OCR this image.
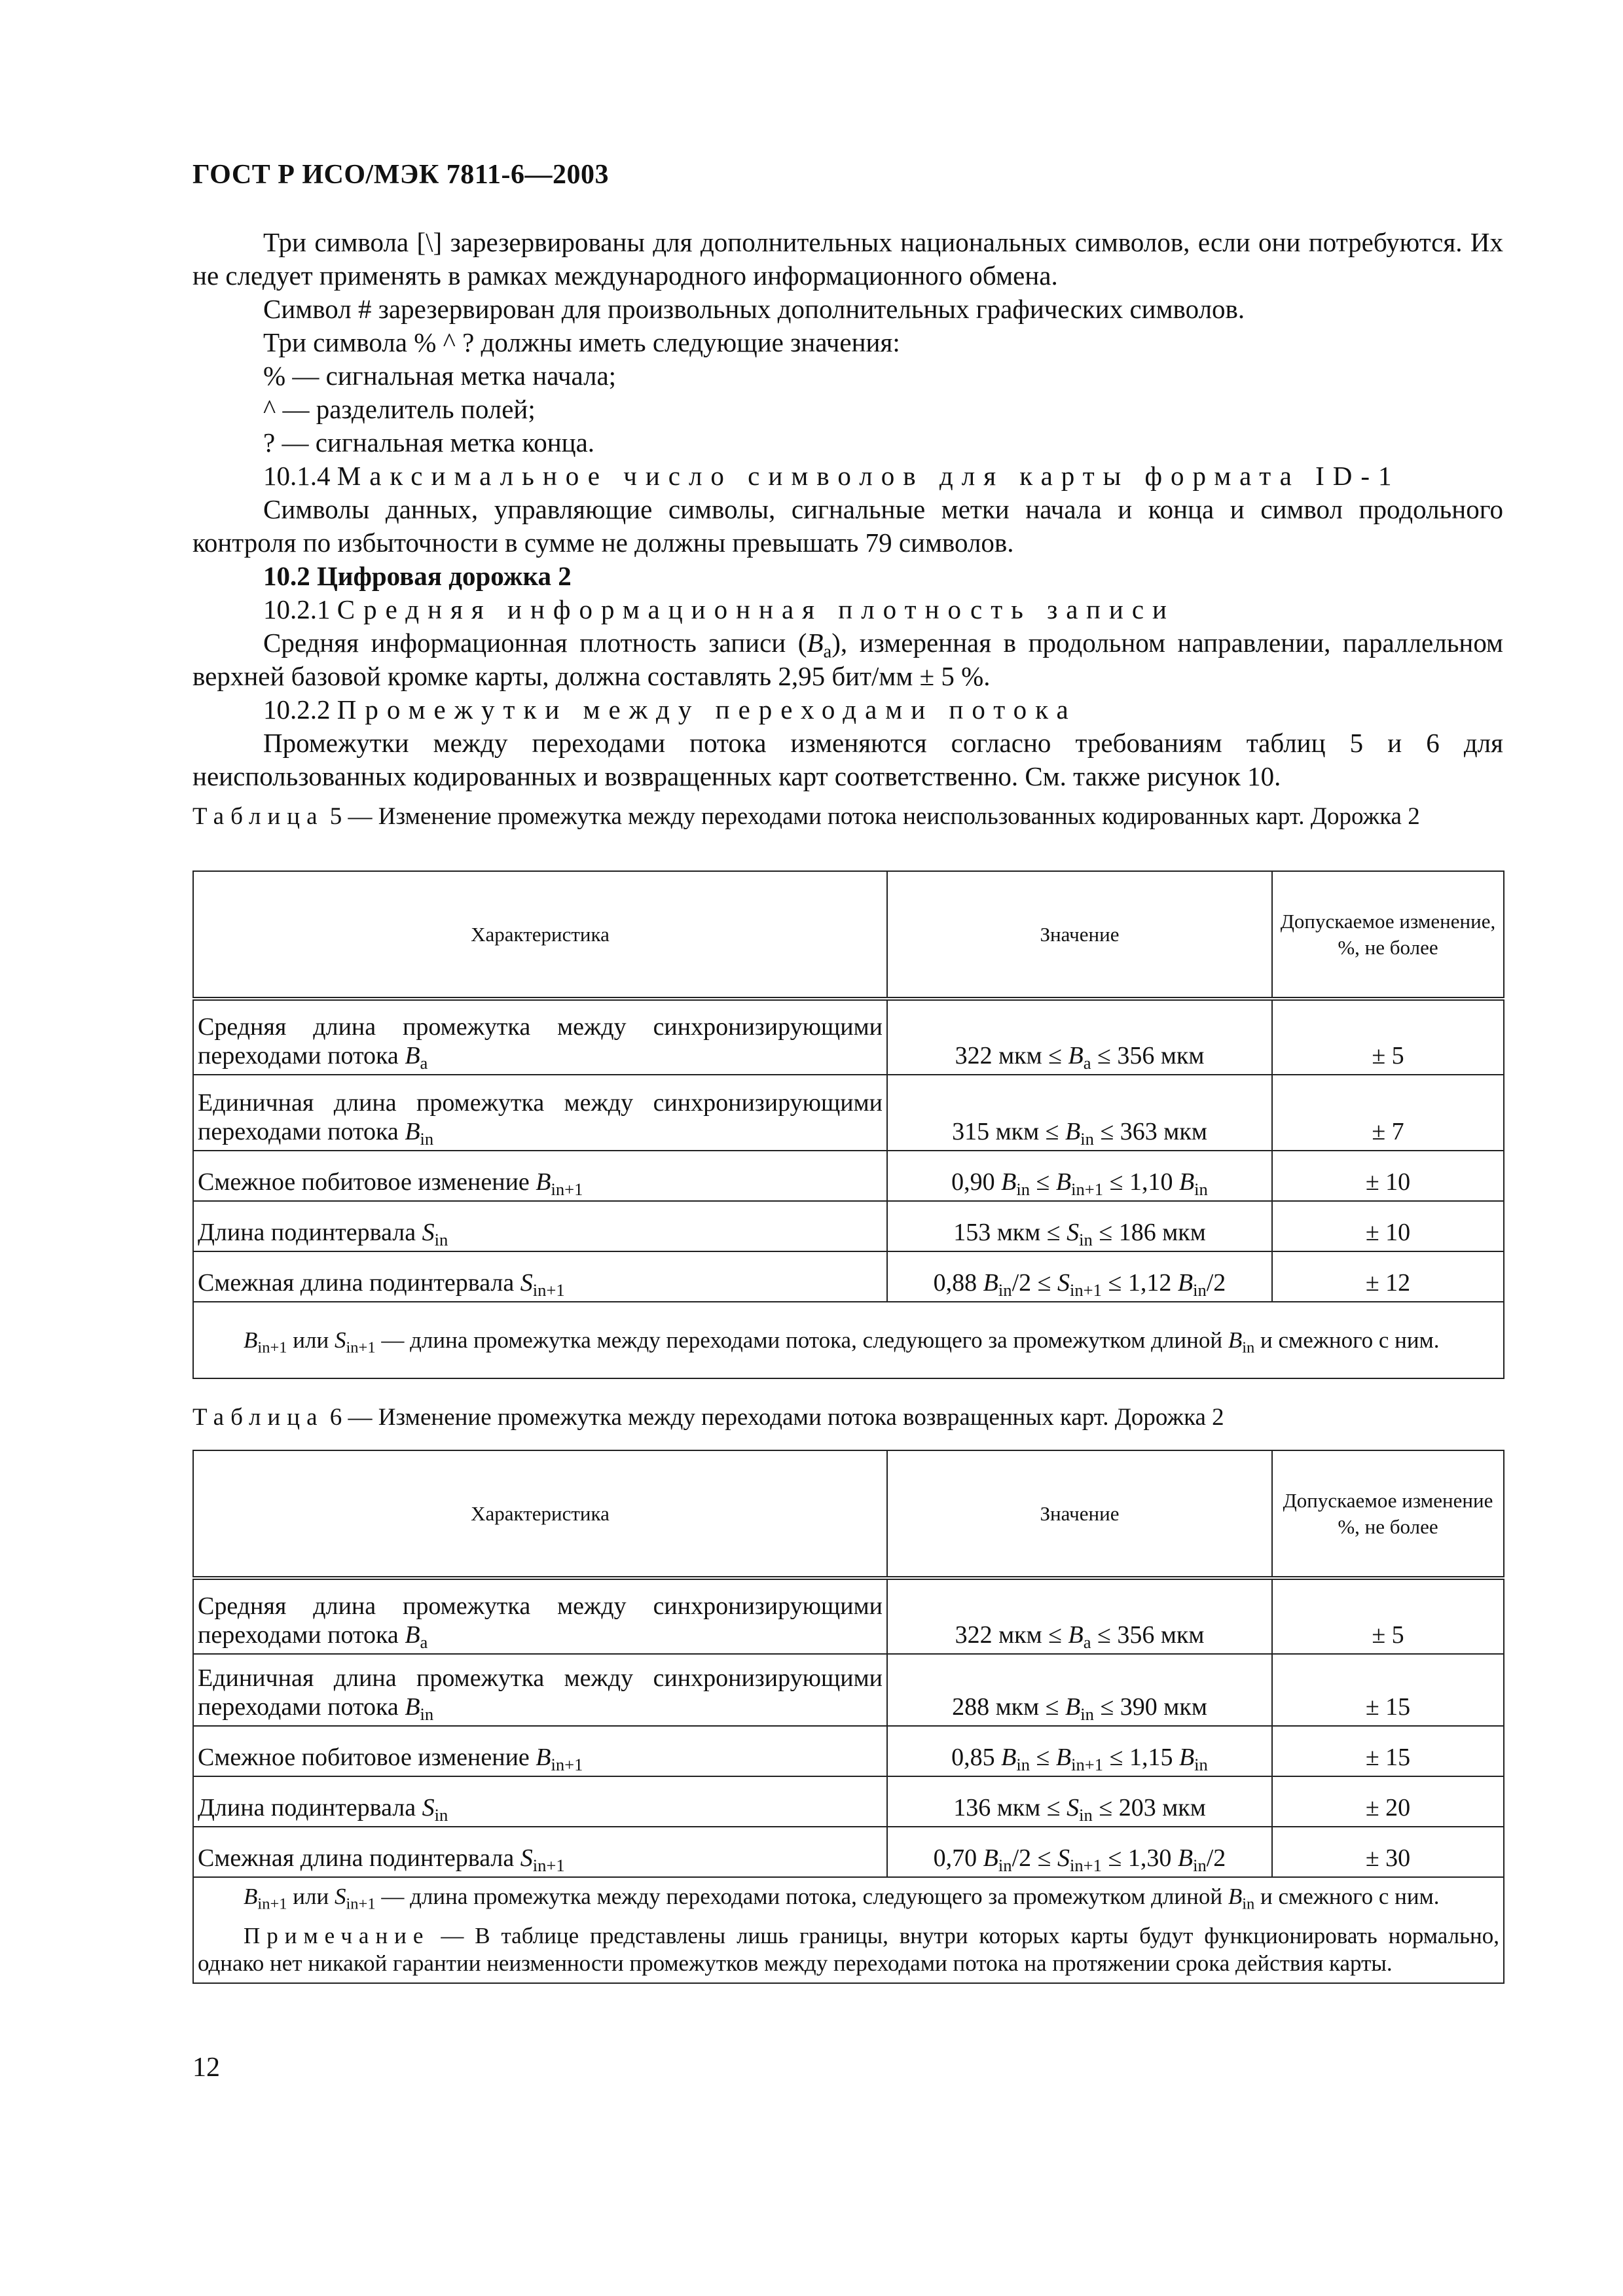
ГОСТ Р ИСО/МЭК 7811-6—2003

Три символа [\] зарезервированы для дополнительных национальных символов, если они потребуются. Их не следует применять в рамках международного информационного обмена.

Символ # зарезервирован для произвольных дополнительных графических символов.

Три символа % ^ ? должны иметь следующие значения:

% — сигнальная метка начала;

^ — разделитель полей;

? — сигнальная метка конца.

10.1.4 Максимальное число символов для карты формата ID-1

Символы данных, управляющие символы, сигнальные метки начала и конца и символ продольного контроля по избыточности в сумме не должны превышать 79 символов.

10.2 Цифровая дорожка 2

10.2.1 Средняя информационная плотность записи

Средняя информационная плотность записи $(B_a)$, измеренная в продольном направлении, параллельном верхней базовой кромке карты, должна составлять 2,95 бит/мм ± 5 %.

10.2.2 Промежутки между переходами потока

Промежутки между переходами потока изменяются согласно требованиям таблиц 5 и 6 для неиспользованных кодированных и возвращенных карт соответственно. См. также рисунок 10.

Таблица 5 — Изменение промежутка между переходами потока неиспользованных кодированных карт. Дорожка 2

Характеристика	Значение	Допускаемое изменение, %, не более
Средняя длина промежутка между синхронизирующими переходами потока $B_a$	322 мкм ≤ $B_a \le 356$ мкм	± 5
Единичная длина промежутка между синхронизирующими переходами потока $B_{in}$	315 мкм ≤ $B_{in} \le 363$ мкм	± 7
Смежное побитовое изменение $B_{in+1}$	0,90 $B_{in} \le B_{in+1} \le 1,10$ $B_{in}$	± 10
Длина подинтервала $S_{in}$	153 мкм ≤ $S_{in} \le 186$ мкм	± 10
Смежная длина подинтервала $S_{in+1}$	0,88 $B_{in}/2 \le S_{in+1} \le 1,12$ $B_{in}/2$	± 12

$B_{in+1}$ или $S_{in+1}$ — длина промежутка между переходами потока, следующего за промежутком длиной $B_{in}$ и смежного с ним.		

Таблица 6 — Изменение промежутка между переходами потока возвращенных карт. Дорожка 2

Характеристика	Значение	Допускаемое изменение %, не более
Средняя длина промежутка между синхронизирующими переходами потока $B_a$	322 мкм ≤ $B_a \le 356$ мкм	± 5
Единичная длина промежутка между синхронизирующими переходами потока $B_{in}$	288 мкм ≤ $B_{in} \le 390$ мкм	± 15
Смежное побитовое изменение $B_{in+1}$	0,85 $B_{in} \le B_{in+1} \le 1,15$ $B_{in}$	± 15
Длина подинтервала $S_{in}$	136 мкм ≤ $S_{in} \le 203$ мкм	± 20
Смежная длина подинтервала $S_{in+1}$	0,70 $B_{in}/2 \le S_{in+1} \le 1,30$ $B_{in}/2$	± 30

$B_{in+1}$ или $S_{in+1}$ — длина промежутка между переходами потока, следующего за промежутком длиной $B_{in}$ и смежного с ним.
Примечание — В таблице представлены лишь границы, внутри которых карты будут функционировать нормально, однако нет никакой гарантии неизменности промежутков между переходами потока на протяжении срока действия карты.		
12
